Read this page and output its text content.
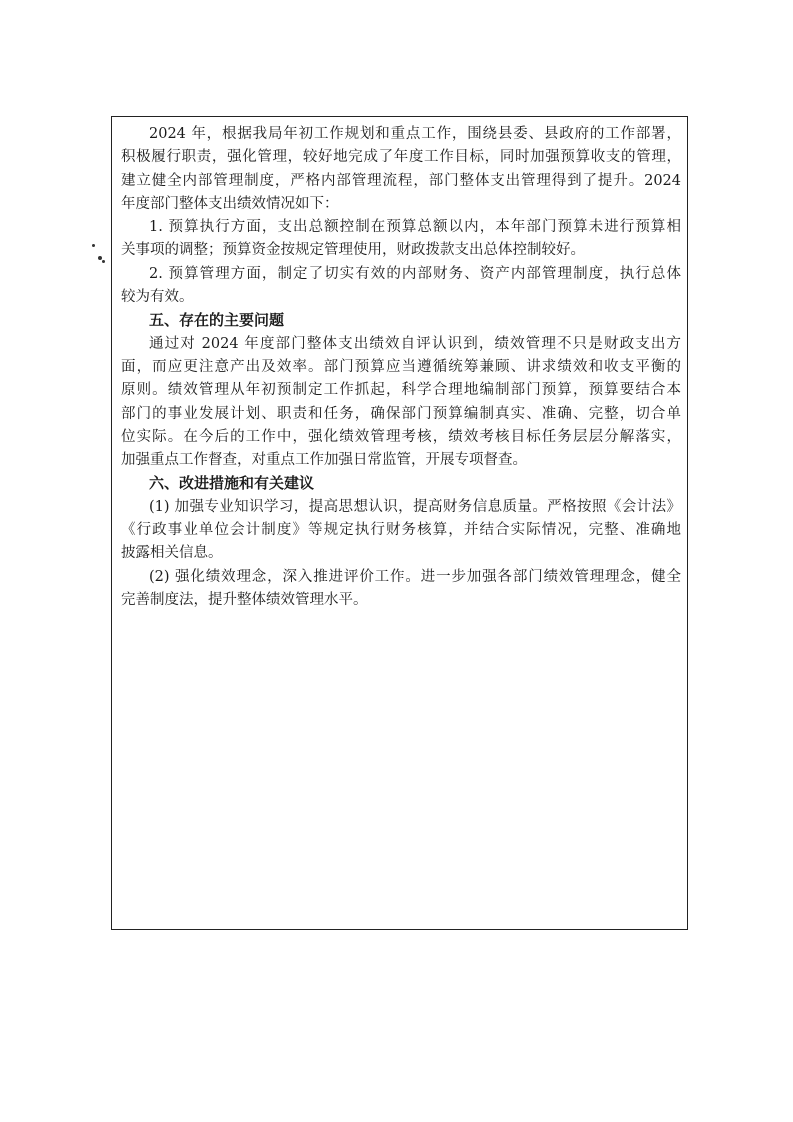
2024 年，根据我局年初工作规划和重点工作，围绕县委、县政府的工作部署，
积极履行职责，强化管理，较好地完成了年度工作目标，同时加强预算收支的管理，
建立健全内部管理制度，严格内部管理流程，部门整体支出管理得到了提升。2024
年度部门整体支出绩效情况如下：
1. 预算执行方面，支出总额控制在预算总额以内，本年部门预算未进行预算相
关事项的调整；预算资金按规定管理使用，财政拨款支出总体控制较好。
2. 预算管理方面，制定了切实有效的内部财务、资产内部管理制度，执行总体
较为有效。
五、存在的主要问题
通过对 2024 年度部门整体支出绩效自评认识到，绩效管理不只是财政支出方
面，而应更注意产出及效率。部门预算应当遵循统筹兼顾、讲求绩效和收支平衡的
原则。绩效管理从年初预制定工作抓起，科学合理地编制部门预算，预算要结合本
部门的事业发展计划、职责和任务，确保部门预算编制真实、准确、完整，切合单
位实际。在今后的工作中，强化绩效管理考核，绩效考核目标任务层层分解落实，
加强重点工作督查，对重点工作加强日常监管，开展专项督查。
六、改进措施和有关建议
(1) 加强专业知识学习，提高思想认识，提高财务信息质量。严格按照《会计法》
《行政事业单位会计制度》等规定执行财务核算，并结合实际情况，完整、准确地
披露相关信息。
(2) 强化绩效理念，深入推进评价工作。进一步加强各部门绩效管理理念，健全
完善制度法，提升整体绩效管理水平。
